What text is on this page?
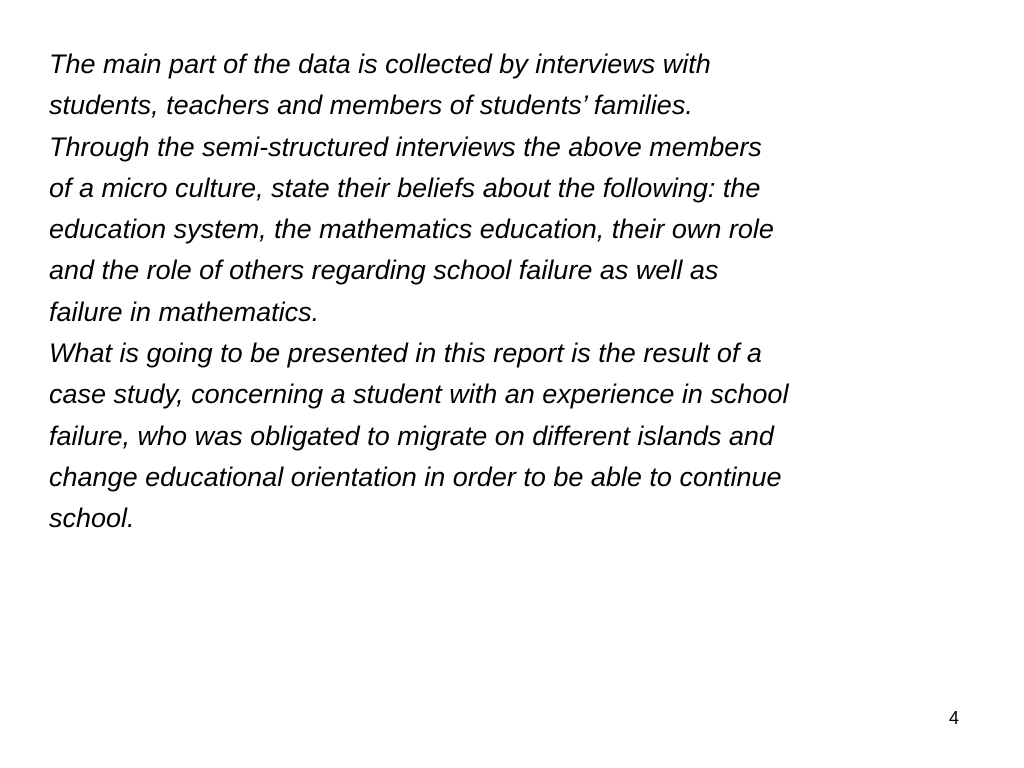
The main part of the data is collected by interviews with
students, teachers and members of students’ families.
Through the semi-structured interviews the above members
of a micro culture, state their beliefs about the following: the
education system, the mathematics education, their own role
and the role of others regarding school failure as well as
failure in mathematics.
What is going to be presented in this report is the result of a
case study, concerning a student with an experience in school
failure, who was obligated to migrate on different islands and
change educational orientation in order to be able to continue
school.
4
